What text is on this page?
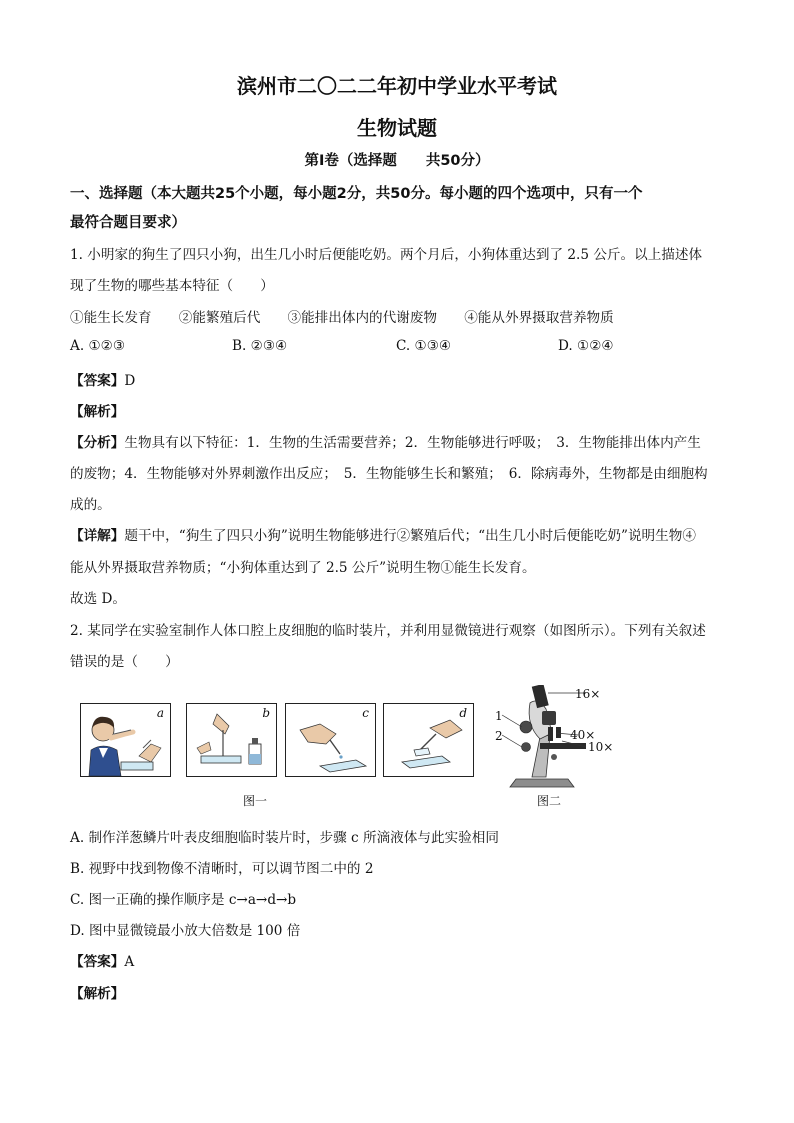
滨州市二〇二二年初中学业水平考试
生物试题
第Ⅰ卷（选择题　　共50分）
一、选择题（本大题共25个小题，每小题2分，共50分。每小题的四个选项中，只有一个
最符合题目要求）
1. 小明家的狗生了四只小狗，出生几小时后便能吃奶。两个月后，小狗体重达到了 2.5 公斤。以上描述体
现了生物的哪些基本特征（　　）
①能生长发育　　②能繁殖后代　　③能排出体内的代谢废物　　④能从外界摄取营养物质
A. ①②③	B. ②③④	C. ①③④	D. ①②④
【答案】D
【解析】
【分析】生物具有以下特征：1．生物的生活需要营养；2．生物能够进行呼吸；　3．生物能排出体内产生
的废物；4．生物能够对外界刺激作出反应；　5．生物能够生长和繁殖；　6．除病毒外，生物都是由细胞构
成的。
【详解】题干中，“狗生了四只小狗”说明生物能够进行②繁殖后代；“出生几小时后便能吃奶”说明生物④
能从外界摄取营养物质；“小狗体重达到了 2.5 公斤”说明生物①能生长发育。
故选 D。
2. 某同学在实验室制作人体口腔上皮细胞的临时装片，并利用显微镜进行观察（如图所示）。下列有关叙述
错误的是（　　）
a	b	c	d
图一
16×
40×
10×
1
2
图二
A. 制作洋葱鳞片叶表皮细胞临时装片时，步骤 c 所滴液体与此实验相同
B. 视野中找到物像不清晰时，可以调节图二中的 2
C. 图一正确的操作顺序是 c→a→d→b
D. 图中显微镜最小放大倍数是 100 倍
【答案】A
【解析】
